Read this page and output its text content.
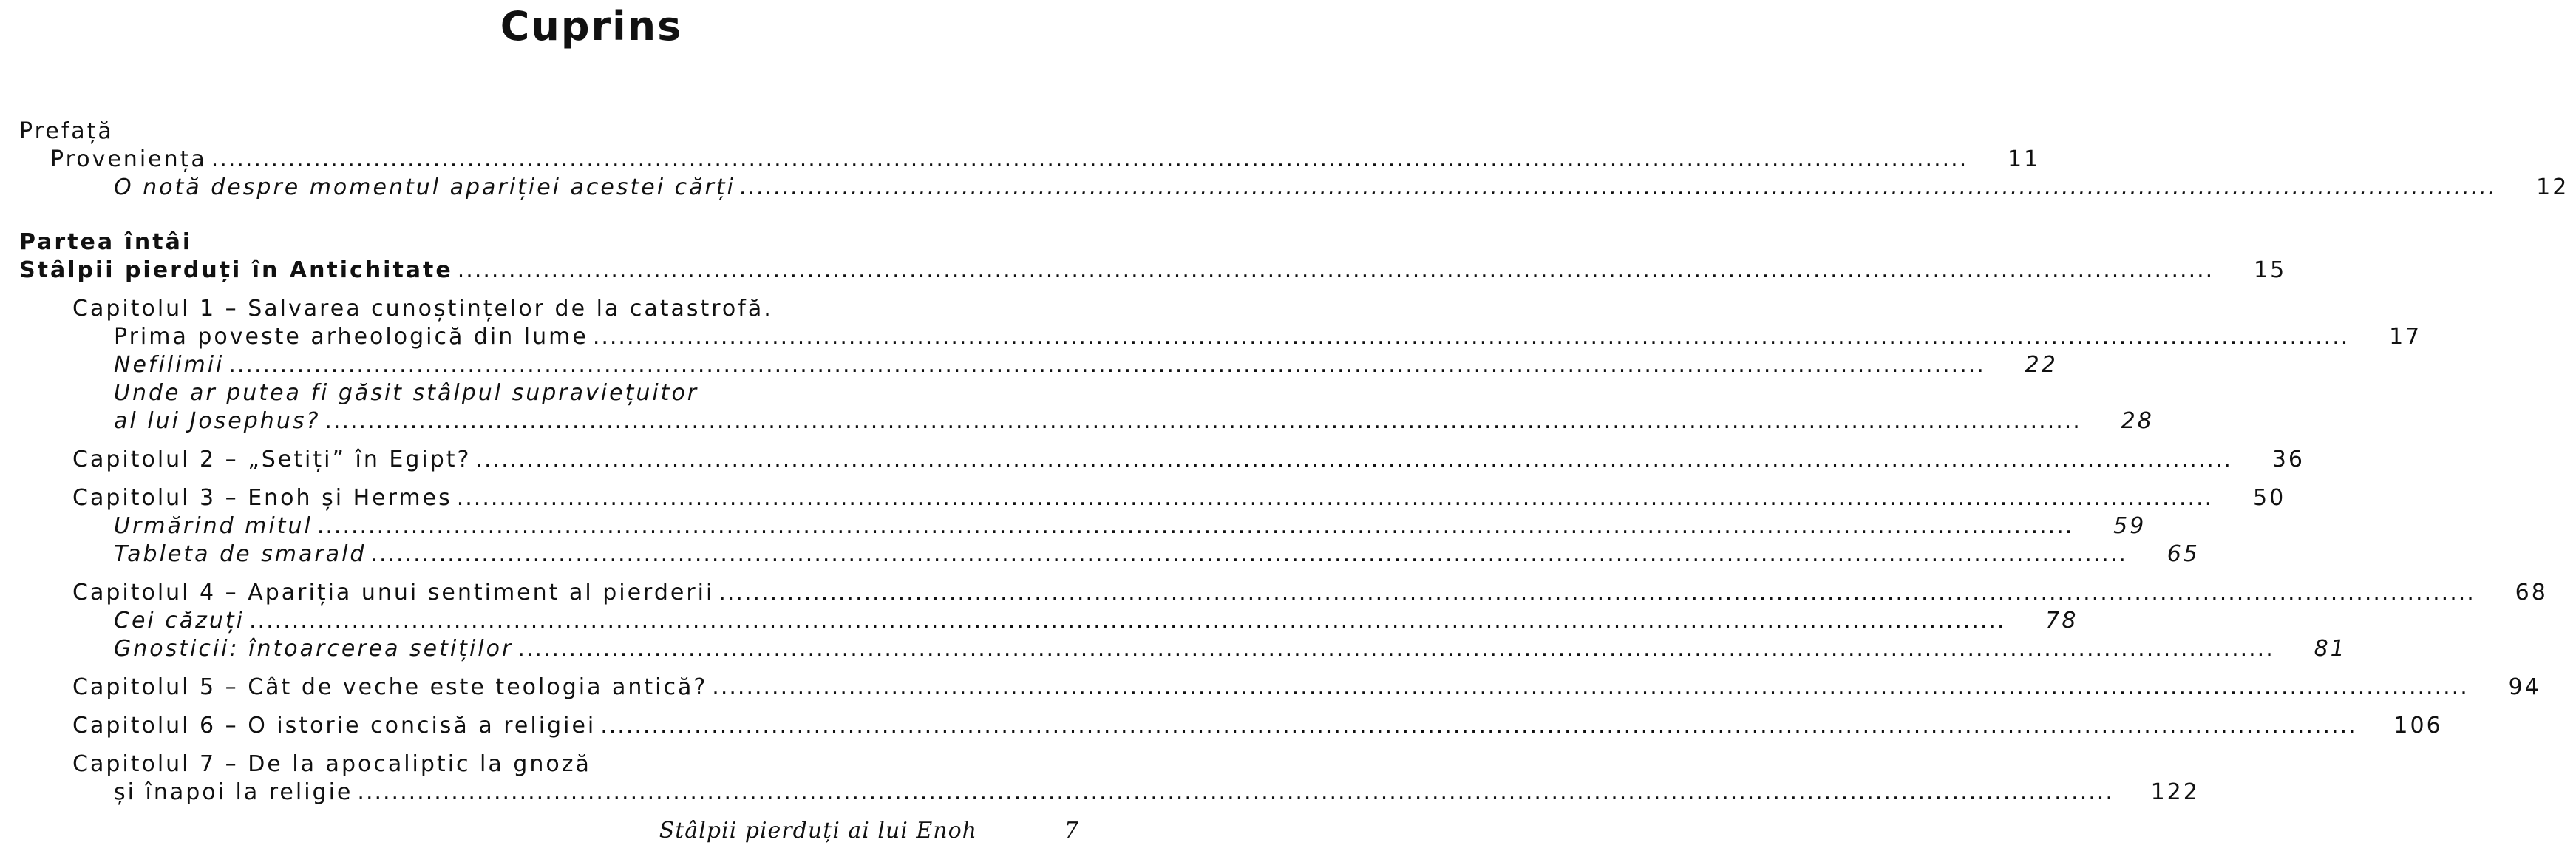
Cuprins
Prefață
Proveniența .....	11
O notă despre momentul apariției acestei cărți .....	12
Partea întâi
Stâlpii pierduți în Antichitate .....	15
Capitolul 1 – Salvarea cunoștințelor de la catastrofă.
Prima poveste arheologică din lume .....	17
Nefilimii .....	22
Unde ar putea fi găsit stâlpul supraviețuitor
al lui Josephus? .....	28
Capitolul 2 – „Setiți” în Egipt? .....	36
Capitolul 3 – Enoh și Hermes .....	50
Urmărind mitul .....	59
Tableta de smarald .....	65
Capitolul 4 – Apariția unui sentiment al pierderii .....	68
Cei căzuți .....	78
Gnosticii: întoarcerea setiților .....	81
Capitolul 5 – Cât de veche este teologia antică? .....	94
Capitolul 6 – O istorie concisă a religiei .....	106
Capitolul 7 – De la apocaliptic la gnoză
și înapoi la religie .....	122
Stâlpii pierduți ai lui Enoh	7
